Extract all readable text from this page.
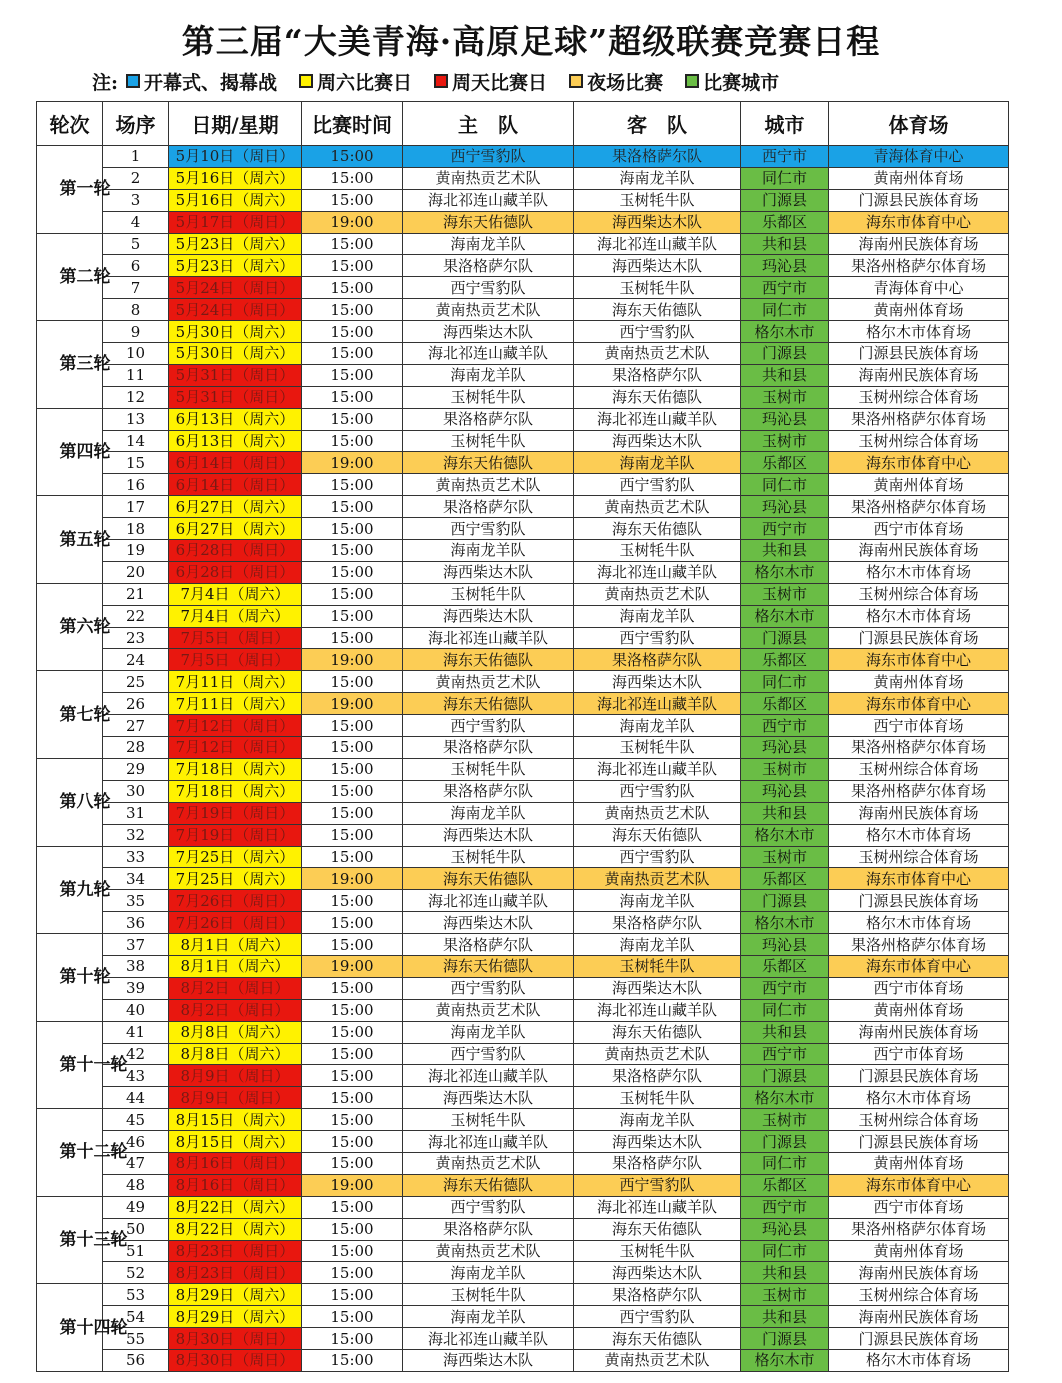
第三届“大美青海·高原足球”超级联赛竞赛日程
注: 开幕式、揭幕战 周六比赛日 周天比赛日 夜场比赛 比赛城市
轮次	场序	日期/星期	比赛时间	主　队	客　队	城市	体育场
第一轮	1	5月10日（周日）	15:00	西宁雪豹队	果洛格萨尔队	西宁市	青海体育中心
	2	5月16日（周六）	15:00	黄南热贡艺术队	海南龙羊队	同仁市	黄南州体育场
	3	5月16日（周六）	15:00	海北祁连山藏羊队	玉树牦牛队	门源县	门源县民族体育场
	4	5月17日（周日）	19:00	海东天佑德队	海西柴达木队	乐都区	海东市体育中心
第二轮	5	5月23日（周六）	15:00	海南龙羊队	海北祁连山藏羊队	共和县	海南州民族体育场
	6	5月23日（周六）	15:00	果洛格萨尔队	海西柴达木队	玛沁县	果洛州格萨尔体育场
	7	5月24日（周日）	15:00	西宁雪豹队	玉树牦牛队	西宁市	青海体育中心
	8	5月24日（周日）	15:00	黄南热贡艺术队	海东天佑德队	同仁市	黄南州体育场
第三轮	9	5月30日（周六）	15:00	海西柴达木队	西宁雪豹队	格尔木市	格尔木市体育场
	10	5月30日（周六）	15:00	海北祁连山藏羊队	黄南热贡艺术队	门源县	门源县民族体育场
	11	5月31日（周日）	15:00	海南龙羊队	果洛格萨尔队	共和县	海南州民族体育场
	12	5月31日（周日）	15:00	玉树牦牛队	海东天佑德队	玉树市	玉树州综合体育场
第四轮	13	6月13日（周六）	15:00	果洛格萨尔队	海北祁连山藏羊队	玛沁县	果洛州格萨尔体育场
	14	6月13日（周六）	15:00	玉树牦牛队	海西柴达木队	玉树市	玉树州综合体育场
	15	6月14日（周日）	19:00	海东天佑德队	海南龙羊队	乐都区	海东市体育中心
	16	6月14日（周日）	15:00	黄南热贡艺术队	西宁雪豹队	同仁市	黄南州体育场
第五轮	17	6月27日（周六）	15:00	果洛格萨尔队	黄南热贡艺术队	玛沁县	果洛州格萨尔体育场
	18	6月27日（周六）	15:00	西宁雪豹队	海东天佑德队	西宁市	西宁市体育场
	19	6月28日（周日）	15:00	海南龙羊队	玉树牦牛队	共和县	海南州民族体育场
	20	6月28日（周日）	15:00	海西柴达木队	海北祁连山藏羊队	格尔木市	格尔木市体育场
第六轮	21	7月4日（周六）	15:00	玉树牦牛队	黄南热贡艺术队	玉树市	玉树州综合体育场
	22	7月4日（周六）	15:00	海西柴达木队	海南龙羊队	格尔木市	格尔木市体育场
	23	7月5日（周日）	15:00	海北祁连山藏羊队	西宁雪豹队	门源县	门源县民族体育场
	24	7月5日（周日）	19:00	海东天佑德队	果洛格萨尔队	乐都区	海东市体育中心
第七轮	25	7月11日（周六）	15:00	黄南热贡艺术队	海西柴达木队	同仁市	黄南州体育场
	26	7月11日（周六）	19:00	海东天佑德队	海北祁连山藏羊队	乐都区	海东市体育中心
	27	7月12日（周日）	15:00	西宁雪豹队	海南龙羊队	西宁市	西宁市体育场
	28	7月12日（周日）	15:00	果洛格萨尔队	玉树牦牛队	玛沁县	果洛州格萨尔体育场
第八轮	29	7月18日（周六）	15:00	玉树牦牛队	海北祁连山藏羊队	玉树市	玉树州综合体育场
	30	7月18日（周六）	15:00	果洛格萨尔队	西宁雪豹队	玛沁县	果洛州格萨尔体育场
	31	7月19日（周日）	15:00	海南龙羊队	黄南热贡艺术队	共和县	海南州民族体育场
	32	7月19日（周日）	15:00	海西柴达木队	海东天佑德队	格尔木市	格尔木市体育场
第九轮	33	7月25日（周六）	15:00	玉树牦牛队	西宁雪豹队	玉树市	玉树州综合体育场
	34	7月25日（周六）	19:00	海东天佑德队	黄南热贡艺术队	乐都区	海东市体育中心
	35	7月26日（周日）	15:00	海北祁连山藏羊队	海南龙羊队	门源县	门源县民族体育场
	36	7月26日（周日）	15:00	海西柴达木队	果洛格萨尔队	格尔木市	格尔木市体育场
第十轮	37	8月1日（周六）	15:00	果洛格萨尔队	海南龙羊队	玛沁县	果洛州格萨尔体育场
	38	8月1日（周六）	19:00	海东天佑德队	玉树牦牛队	乐都区	海东市体育中心
	39	8月2日（周日）	15:00	西宁雪豹队	海西柴达木队	西宁市	西宁市体育场
	40	8月2日（周日）	15:00	黄南热贡艺术队	海北祁连山藏羊队	同仁市	黄南州体育场
第十一轮	41	8月8日（周六）	15:00	海南龙羊队	海东天佑德队	共和县	海南州民族体育场
	42	8月8日（周六）	15:00	西宁雪豹队	黄南热贡艺术队	西宁市	西宁市体育场
	43	8月9日（周日）	15:00	海北祁连山藏羊队	果洛格萨尔队	门源县	门源县民族体育场
	44	8月9日（周日）	15:00	海西柴达木队	玉树牦牛队	格尔木市	格尔木市体育场
第十二轮	45	8月15日（周六）	15:00	玉树牦牛队	海南龙羊队	玉树市	玉树州综合体育场
	46	8月15日（周六）	15:00	海北祁连山藏羊队	海西柴达木队	门源县	门源县民族体育场
	47	8月16日（周日）	15:00	黄南热贡艺术队	果洛格萨尔队	同仁市	黄南州体育场
	48	8月16日（周日）	19:00	海东天佑德队	西宁雪豹队	乐都区	海东市体育中心
第十三轮	49	8月22日（周六）	15:00	西宁雪豹队	海北祁连山藏羊队	西宁市	西宁市体育场
	50	8月22日（周六）	15:00	果洛格萨尔队	海东天佑德队	玛沁县	果洛州格萨尔体育场
	51	8月23日（周日）	15:00	黄南热贡艺术队	玉树牦牛队	同仁市	黄南州体育场
	52	8月23日（周日）	15:00	海南龙羊队	海西柴达木队	共和县	海南州民族体育场
第十四轮	53	8月29日（周六）	15:00	玉树牦牛队	果洛格萨尔队	玉树市	玉树州综合体育场
	54	8月29日（周六）	15:00	海南龙羊队	西宁雪豹队	共和县	海南州民族体育场
	55	8月30日（周日）	15:00	海北祁连山藏羊队	海东天佑德队	门源县	门源县民族体育场
	56	8月30日（周日）	15:00	海西柴达木队	黄南热贡艺术队	格尔木市	格尔木市体育场
